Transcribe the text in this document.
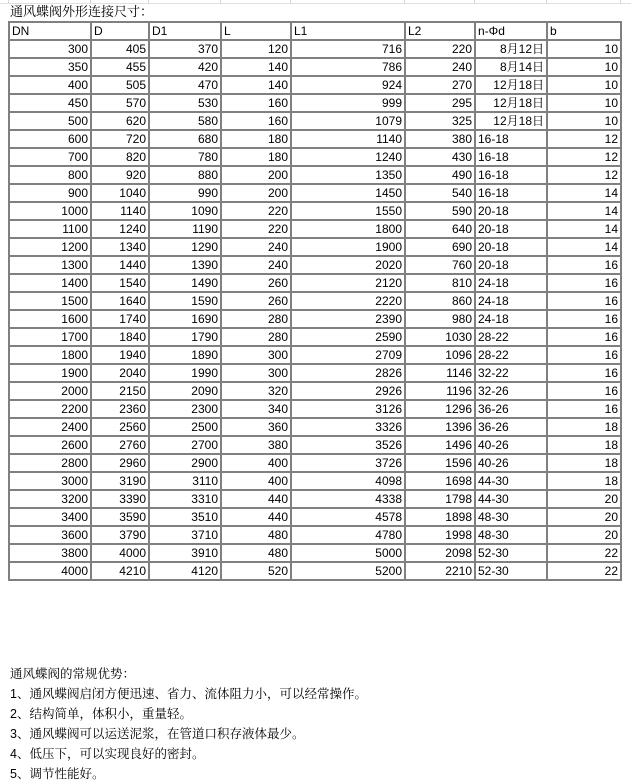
通风蝶阀外形连接尺寸：
DN	D	D1	L	L1	L2	n-Φd	b
300	405	370	120	716	220	8月12日	10
350	455	420	140	786	240	8月14日	10
400	505	470	140	924	270	12月18日	10
450	570	530	160	999	295	12月18日	10
500	620	580	160	1079	325	12月18日	10
600	720	680	180	1140	380	16-18	12
700	820	780	180	1240	430	16-18	12
800	920	880	200	1350	490	16-18	12
900	1040	990	200	1450	540	16-18	14
1000	1140	1090	220	1550	590	20-18	14
1100	1240	1190	220	1800	640	20-18	14
1200	1340	1290	240	1900	690	20-18	14
1300	1440	1390	240	2020	760	20-18	16
1400	1540	1490	260	2120	810	24-18	16
1500	1640	1590	260	2220	860	24-18	16
1600	1740	1690	280	2390	980	24-18	16
1700	1840	1790	280	2590	1030	28-22	16
1800	1940	1890	300	2709	1096	28-22	16
1900	2040	1990	300	2826	1146	32-22	16
2000	2150	2090	320	2926	1196	32-26	16
2200	2360	2300	340	3126	1296	36-26	16
2400	2560	2500	360	3326	1396	36-26	18
2600	2760	2700	380	3526	1496	40-26	18
2800	2960	2900	400	3726	1596	40-26	18
3000	3190	3110	400	4098	1698	44-30	18
3200	3390	3310	440	4338	1798	44-30	20
3400	3590	3510	440	4578	1898	48-30	20
3600	3790	3710	480	4780	1998	48-30	20
3800	4000	3910	480	5000	2098	52-30	22
4000	4210	4120	520	5200	2210	52-30	22
通风蝶阀的常规优势：
1、通风蝶阀启闭方便迅速、省力、流体阻力小，可以经常操作。
2、结构简单，体积小，重量轻。
3、通风蝶阀可以运送泥浆，在管道口积存液体最少。
4、低压下，可以实现良好的密封。
5、调节性能好。
